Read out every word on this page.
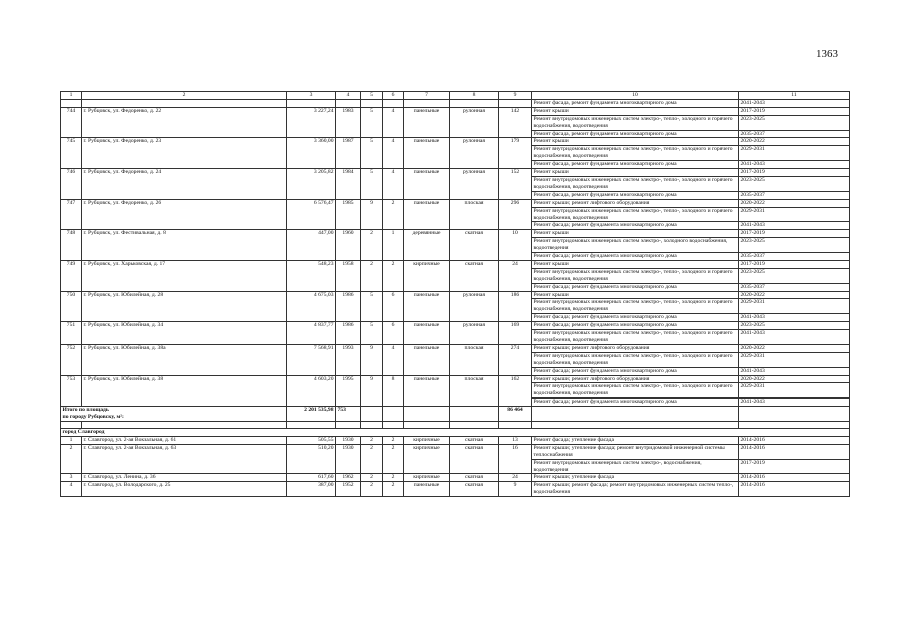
1363
1	2	3	4	5	6	7	8	9	10	11
									Ремонт фасада, ремонт фундамента многоквартирного дома	2041-2043
744	г. Рубцовск, ул. Федоренко, д. 22	3 227,24	1983	5	4	панельные	рулонная	142	Ремонт крыши	2017-2019
									Ремонт внутридомовых инженерных систем электро-, тепло-, холодного и горячего водоснабжения, водоотведения	2023-2025
									Ремонт фасада, ремонт фундамента многоквартирного дома	2035-2037
745	г. Рубцовск, ул. Федоренко, д. 23	3 360,00	1987	5	4	панельные	рулонная	179	Ремонт крыши	2020-2022
									Ремонт внутридомовых инженерных систем электро-, тепло-, холодного и горячего водоснабжения, водоотведения	2029-2031
									Ремонт фасада, ремонт фундамента многоквартирного дома	2041-2043
746	г. Рубцовск, ул. Федоренко, д. 24	3 205,82	1984	5	4	панельные	рулонная	152	Ремонт крыши	2017-2019
									Ремонт внутридомовых инженерных систем электро-, тепло-, холодного и горячего водоснабжения, водоотведения	2023-2025
									Ремонт фасада, ремонт фундамента многоквартирного дома	2035-2037
747	г. Рубцовск, ул. Федоренко, д. 26	6 576,47	1985	9	2	панельные	плоская	296	Ремонт крыши; ремонт лифтового оборудования	2020-2022
									Ремонт внутридомовых инженерных систем электро-, тепло-, холодного и горячего водоснабжения, водоотведения	2029-2031
									Ремонт фасада; ремонт фундамента многоквартирного дома	2041-2043
748	г. Рубцовск, ул. Фестивальная, д. 8	447,00	1960	2	1	деревянные	скатная	10	Ремонт крыши	2017-2019
									Ремонт внутридомовых инженерных систем электро-, холодного водоснабжения, водоотведения	2023-2025
									Ремонт фасада; ремонт фундамента многоквартирного дома	2035-2037
749	г. Рубцовск, ул. Харьковская, д. 17	548,23	1958	2	2	кирпичные	скатная	24	Ремонт крыши	2017-2019
									Ремонт внутридомовых инженерных систем электро-, тепло-, холодного и горячего водоснабжения, водоотведения	2023-2025
									Ремонт фасада; ремонт фундамента многоквартирного дома	2035-2037
750	г. Рубцовск, ул. Юбилейная, д. 28	4 675,03	1986	5	6	панельные	рулонная	186	Ремонт крыши	2020-2022
									Ремонт внутридомовых инженерных систем электро-, тепло-, холодного и горячего водоснабжения, водоотведения	2029-2031
									Ремонт фасада; ремонт фундамента многоквартирного дома	2041-2043
751	г. Рубцовск, ул. Юбилейная, д. 34	4 837,77	1986	5	6	панельные	рулонная	169	Ремонт фасада; ремонт фундамента многоквартирного дома	2023-2025
									Ремонт внутридомовых инженерных систем электро-, тепло-, холодного и горячего водоснабжения, водоотведения	2041-2043
752	г. Рубцовск, ул. Юбилейная, д. 38а	7 568,91	1993	9	4	панельные	плоская	274	Ремонт крыши; ремонт лифтового оборудования	2020-2022
									Ремонт внутридомовых инженерных систем электро-, тепло-, холодного и горячего водоснабжения, водоотведения	2029-2031
									Ремонт фасада; ремонт фундамента многоквартирного дома	2041-2043
753	г. Рубцовск, ул. Юбилейная, д. 38	4 603,20	1995	9	8	панельные	плоская	162	Ремонт крыши; ремонт лифтового оборудования	2020-2022
									Ремонт внутридомовых инженерных систем электро-, тепло-, холодного и горячего водоснабжения, водоотведения	2029-2031

									Ремонт фасада; ремонт фундамента многоквартирного дома	2041-2043

Итого по площадь
по городу Рубцовску, м²:		2 201 535,98	753					86 464		

город Славгород										
1	г. Славгород, ул. 2-ая Вокзальная, д. 61	505,55	1930	2	2	кирпичные	скатная	13	Ремонт фасада; утепление фасада	2014-2016
2	г. Славгород, ул. 2-ая Вокзальная, д. 63	510,20	1930	2	2	кирпичные	скатная	16	Ремонт крыши; утепление фасада; ремонт внутридомовой инженерной системы теплоснабжения	2014-2016
									Ремонт внутридомовых инженерных систем электро-, водоснабжения, водоотведения	2017-2019
3	г. Славгород, ул. Ленина, д. 36	617,60	1962	2	2	кирпичные	скатная	24	Ремонт крыши; утепление фасада	2014-2016
4	г. Славгород, ул. Володарского, д. 25	387,00	1952	2	2	панельные	скатная	9	Ремонт крыши; ремонт фасада; ремонт внутридомовых инженерных систем тепло-, водоснабжения	2014-2016
